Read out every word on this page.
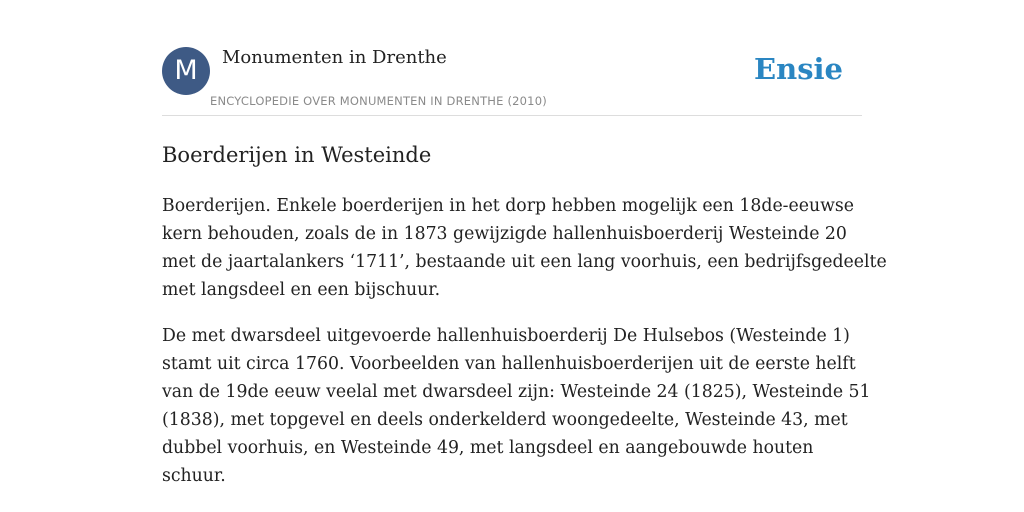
M	Monumenten in Drenthe
ENCYCLOPEDIE OVER MONUMENTEN IN DRENTHE (2010)
Ensie
Boerderijen in Westeinde

Boerderijen. Enkele boerderijen in het dorp hebben mogelijk een 18de-eeuwse
kern behouden, zoals de in 1873 gewijzigde hallenhuisboerderij Westeinde 20
met de jaartalankers ‘1711’, bestaande uit een lang voorhuis, een bedrijfsgedeelte
met langsdeel en een bijschuur.

De met dwarsdeel uitgevoerde hallenhuisboerderij De Hulsebos (Westeinde 1)
stamt uit circa 1760. Voorbeelden van hallenhuisboerderijen uit de eerste helft
van de 19de eeuw veelal met dwarsdeel zijn: Westeinde 24 (1825), Westeinde 51
(1838), met topgevel en deels onderkelderd woongedeelte, Westeinde 43, met
dubbel voorhuis, en Westeinde 49, met langsdeel en aangebouwde houten
schuur.
